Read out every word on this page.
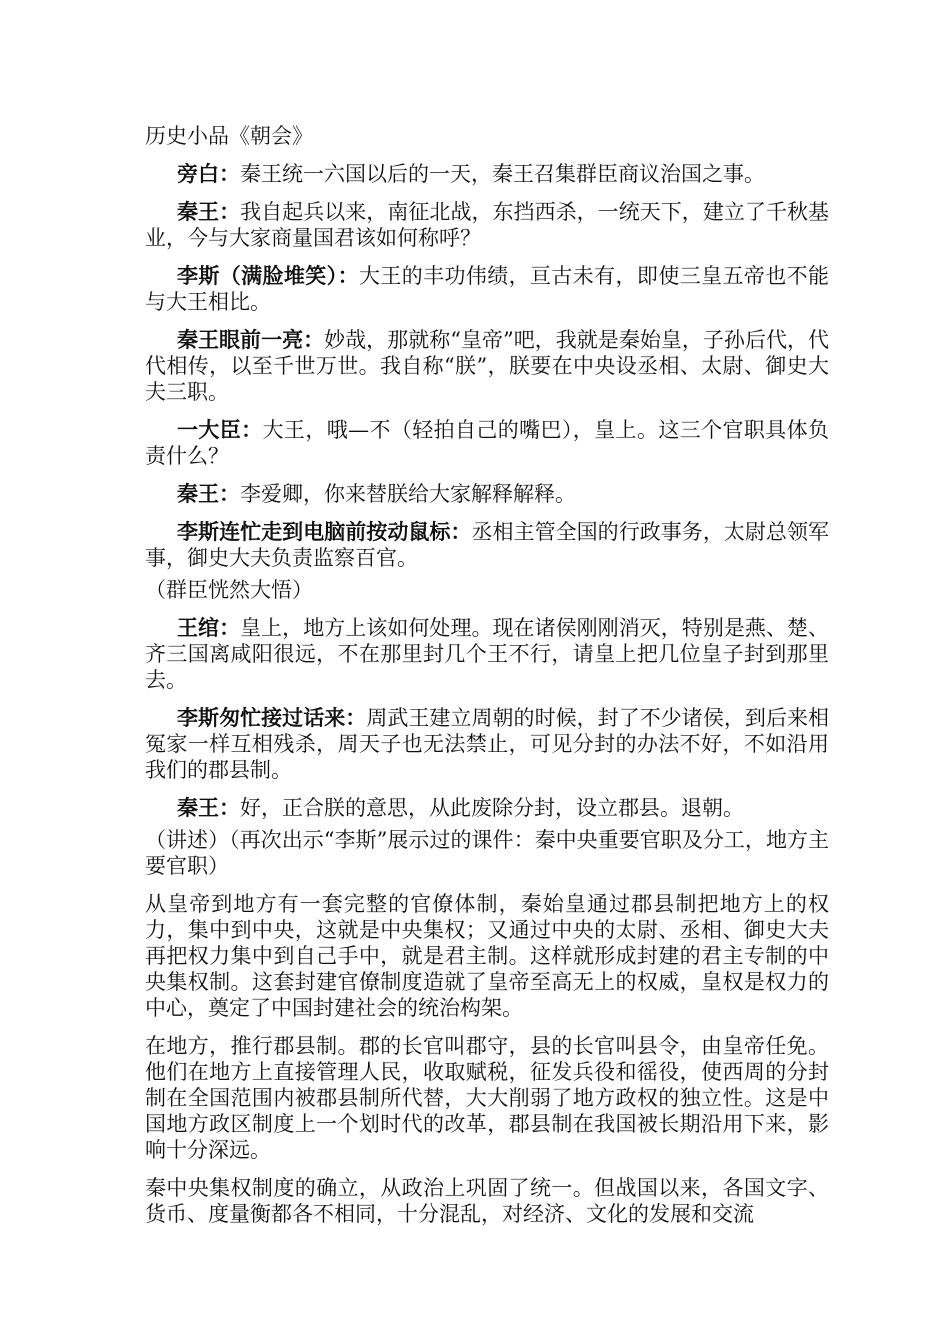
历史小品《朝会》

旁白：秦王统一六国以后的一天，秦王召集群臣商议治国之事。

秦王：我自起兵以来，南征北战，东挡西杀，一统天下，建立了千秋基业，今与大家商量国君该如何称呼？

李斯（满脸堆笑）：大王的丰功伟绩，亘古未有，即使三皇五帝也不能与大王相比。

秦王眼前一亮：妙哉，那就称“皇帝”吧，我就是秦始皇，子孙后代，代代相传，以至千世万世。我自称“朕”，朕要在中央设丞相、太尉、御史大夫三职。

一大臣：大王，哦—不（轻拍自己的嘴巴），皇上。这三个官职具体负责什么？

秦王：李爱卿，你来替朕给大家解释解释。

李斯连忙走到电脑前按动鼠标：丞相主管全国的行政事务，太尉总领军事，御史大夫负责监察百官。

（群臣恍然大悟）

王绾：皇上，地方上该如何处理。现在诸侯刚刚消灭，特别是燕、楚、齐三国离咸阳很远，不在那里封几个王不行，请皇上把几位皇子封到那里去。

李斯匆忙接过话来：周武王建立周朝的时候，封了不少诸侯，到后来相冤家一样互相残杀，周天子也无法禁止，可见分封的办法不好，不如沿用我们的郡县制。

秦王：好，正合朕的意思，从此废除分封，设立郡县。退朝。

（讲述）（再次出示“李斯”展示过的课件：秦中央重要官职及分工，地方主要官职）

从皇帝到地方有一套完整的官僚体制，秦始皇通过郡县制把地方上的权力，集中到中央，这就是中央集权；又通过中央的太尉、丞相、御史大夫再把权力集中到自己手中，就是君主制。这样就形成封建的君主专制的中央集权制。这套封建官僚制度造就了皇帝至高无上的权威，皇权是权力的中心，奠定了中国封建社会的统治构架。

在地方，推行郡县制。郡的长官叫郡守，县的长官叫县令，由皇帝任免。他们在地方上直接管理人民，收取赋税，征发兵役和徭役，使西周的分封制在全国范围内被郡县制所代替，大大削弱了地方政权的独立性。这是中国地方政区制度上一个划时代的改革，郡县制在我国被长期沿用下来，影响十分深远。

秦中央集权制度的确立，从政治上巩固了统一。但战国以来，各国文字、货币、度量衡都各不相同，十分混乱，对经济、文化的发展和交流
